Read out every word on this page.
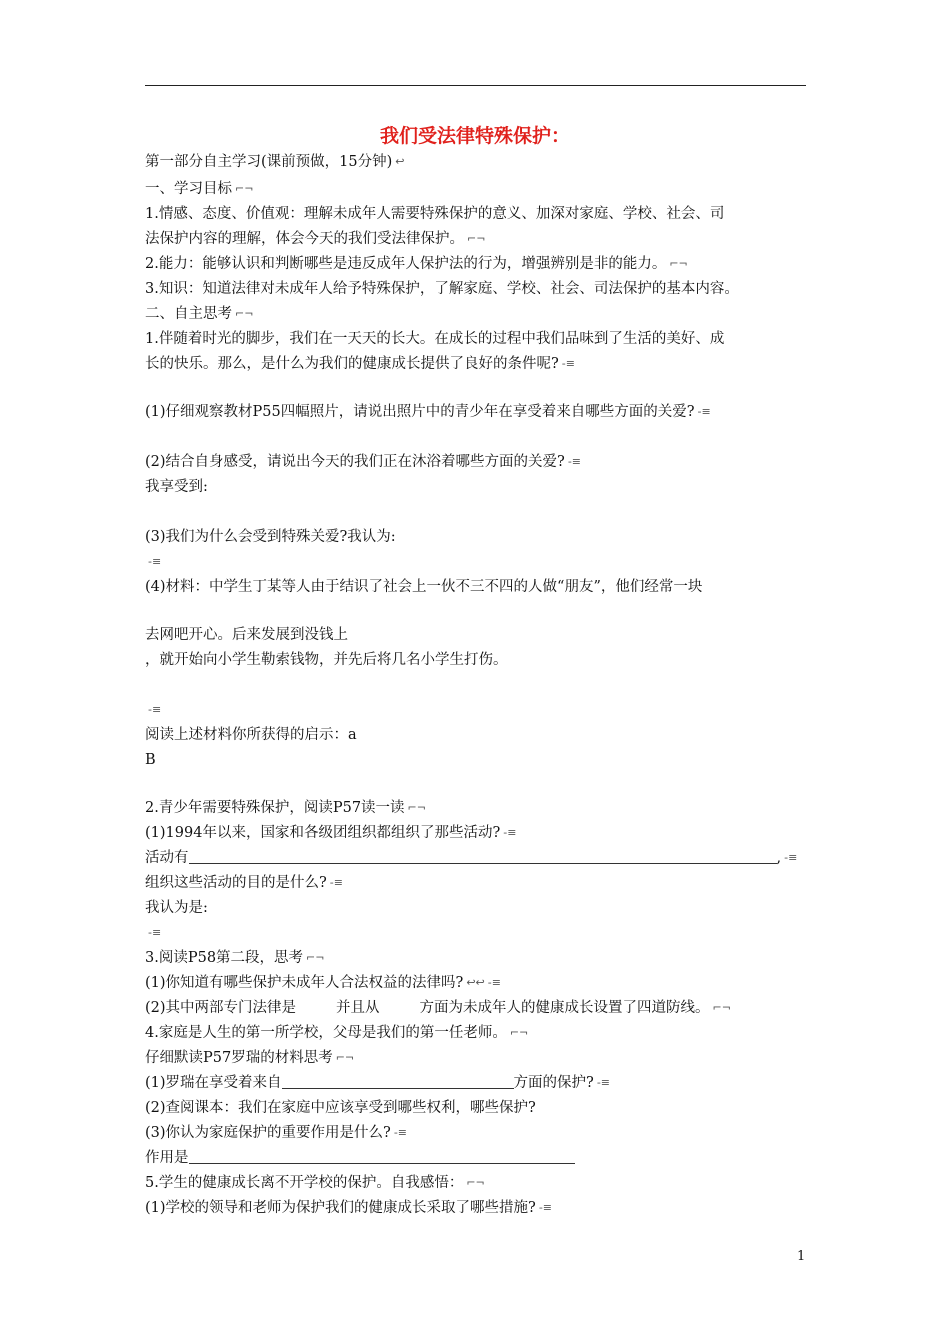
我们受法律特殊保护：
第一部分自主学习(课前预做，15分钟) ↩
一、学习目标 ⌐¬
1.情感、态度、价值观：理解未成年人需要特殊保护的意义、加深对家庭、学校、社会、司
法保护内容的理解，体会今天的我们受法律保护。 ⌐¬
2.能力：能够认识和判断哪些是违反成年人保护法的行为，增强辨别是非的能力。 ⌐¬
3.知识：知道法律对未成年人给予特殊保护，了解家庭、学校、社会、司法保护的基本内容。
二、自主思考 ⌐¬
1.伴随着时光的脚步，我们在一天天的长大。在成长的过程中我们品味到了生活的美好、成
长的快乐。那么，是什么为我们的健康成长提供了良好的条件呢? -≡
(1)仔细观察教材P55四幅照片，请说出照片中的青少年在享受着来自哪些方面的关爱? -≡
(2)结合自身感受，请说出今天的我们正在沐浴着哪些方面的关爱? -≡
我享受到:
(3)我们为什么会受到特殊关爱?我认为:
-≡
(4)材料：中学生丁某等人由于结识了社会上一伙不三不四的人做“朋友”，他们经常一块
去网吧开心。后来发展到没钱上
，就开始向小学生勒索钱物，并先后将几名小学生打伤。
-≡
阅读上述材料你所获得的启示：a
B
2.青少年需要特殊保护，阅读P57读一读 ⌐¬
(1)1994年以来，国家和各级团组织都组织了那些活动? -≡
活动有	, -≡
组织这些活动的目的是什么? -≡
我认为是:
-≡
3.阅读P58第二段，思考 ⌐¬
(1)你知道有哪些保护未成年人合法权益的法律吗? ↩↩ -≡
(2)其中两部专门法律是	并且从	方面为未成年人的健康成长设置了四道防线。 ⌐¬
4.家庭是人生的第一所学校，父母是我们的第一任老师。 ⌐¬
仔细默读P57罗瑞的材料思考 ⌐¬
(1)罗瑞在享受着来自	方面的保护? -≡
(2)查阅课本：我们在家庭中应该享受到哪些权利，哪些保护?
(3)你认为家庭保护的重要作用是什么? -≡
作用是
5.学生的健康成长离不开学校的保护。自我感悟： ⌐¬
(1)学校的领导和老师为保护我们的健康成长采取了哪些措施? -≡
1
